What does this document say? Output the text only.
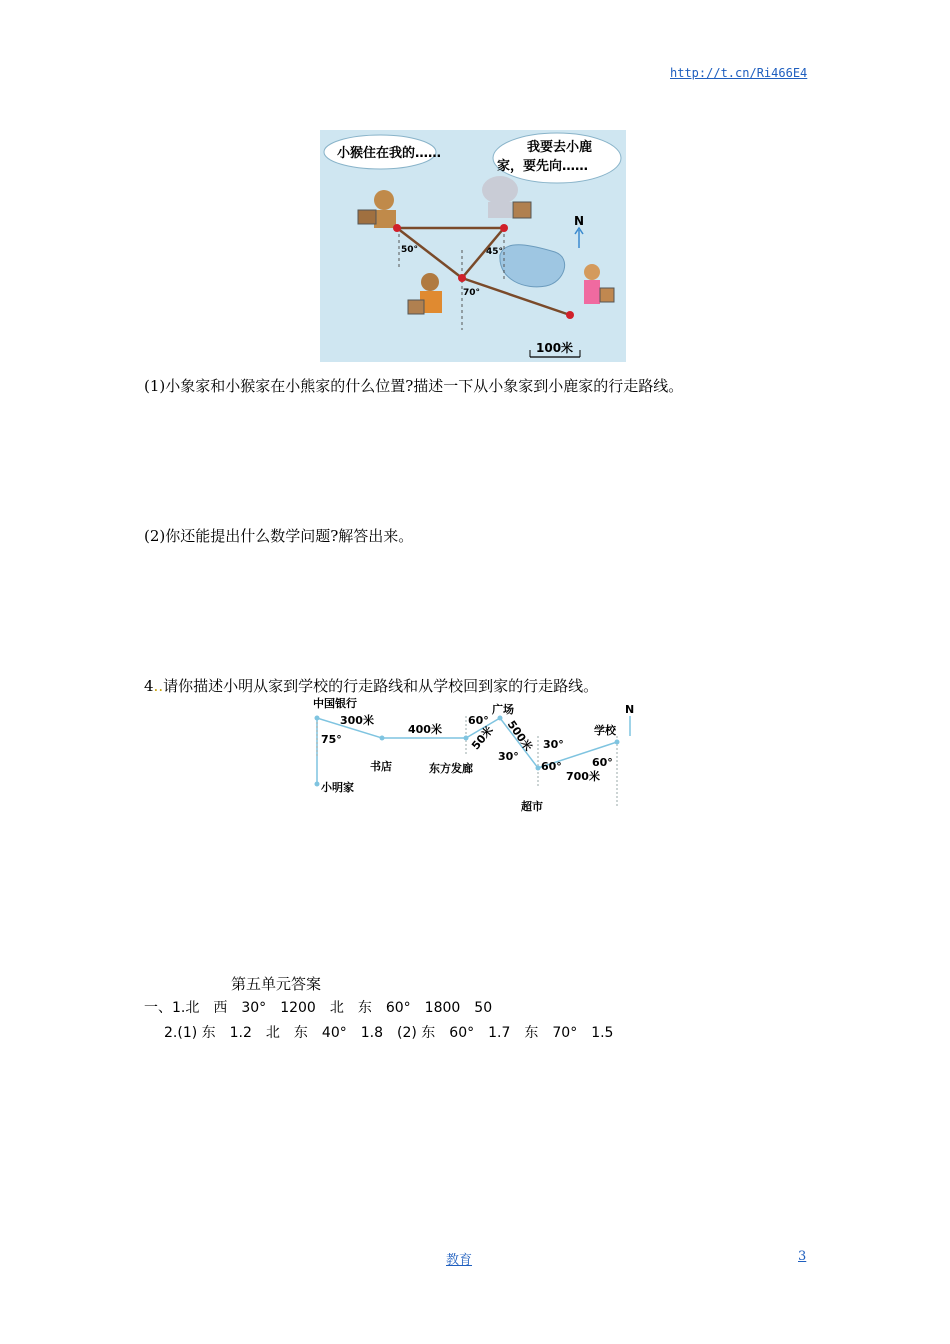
http://t.cn/Ri466E4
小猴住在我的……	我要去小鹿
家，要先向……
50°	45°
70°
N
100米
(1)小象家和小猴家在小熊家的什么位置?描述一下从小象家到小鹿家的行走路线。
(2)你还能提出什么数学问题?解答出来。
4..请你描述小明从家到学校的行走路线和从学校回到家的行走路线。
中国银行
300米
75°
书店
400米
东方发廊
60°
50米
广场
500米 30°
30°
60°
超市
700米
60°
学校
N
小明家
第五单元答案
一、1.北 西 30° 1200 北 东 60° 1800 50
2.(1) 东 1.2 北 东 40° 1.8 (2) 东 60° 1.7 东 70° 1.5
教育	3
